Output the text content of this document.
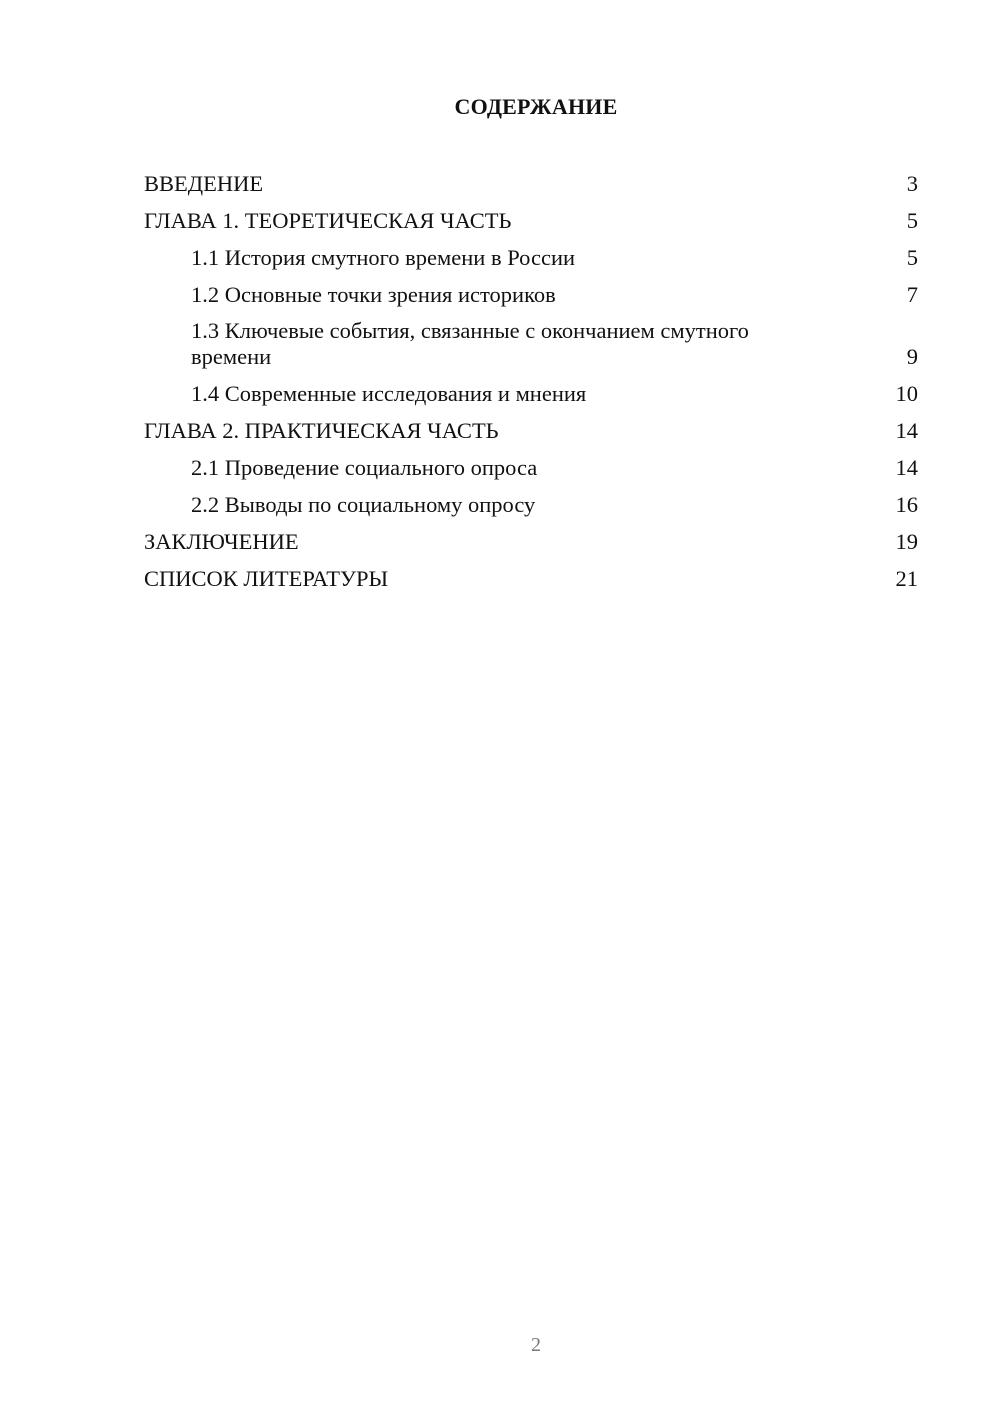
СОДЕРЖАНИЕ
ВВЕДЕНИЕ	3
ГЛАВА 1. ТЕОРЕТИЧЕСКАЯ ЧАСТЬ	5
1.1 История смутного времени в России	5
1.2 Основные точки зрения историков	7
1.3 Ключевые события, связанные с окончанием смутного времени	9
1.4 Современные исследования и мнения	10
ГЛАВА 2. ПРАКТИЧЕСКАЯ ЧАСТЬ	14
2.1 Проведение социального опроса	14
2.2 Выводы по социальному опросу	16
ЗАКЛЮЧЕНИЕ	19
СПИСОК ЛИТЕРАТУРЫ	21
2
